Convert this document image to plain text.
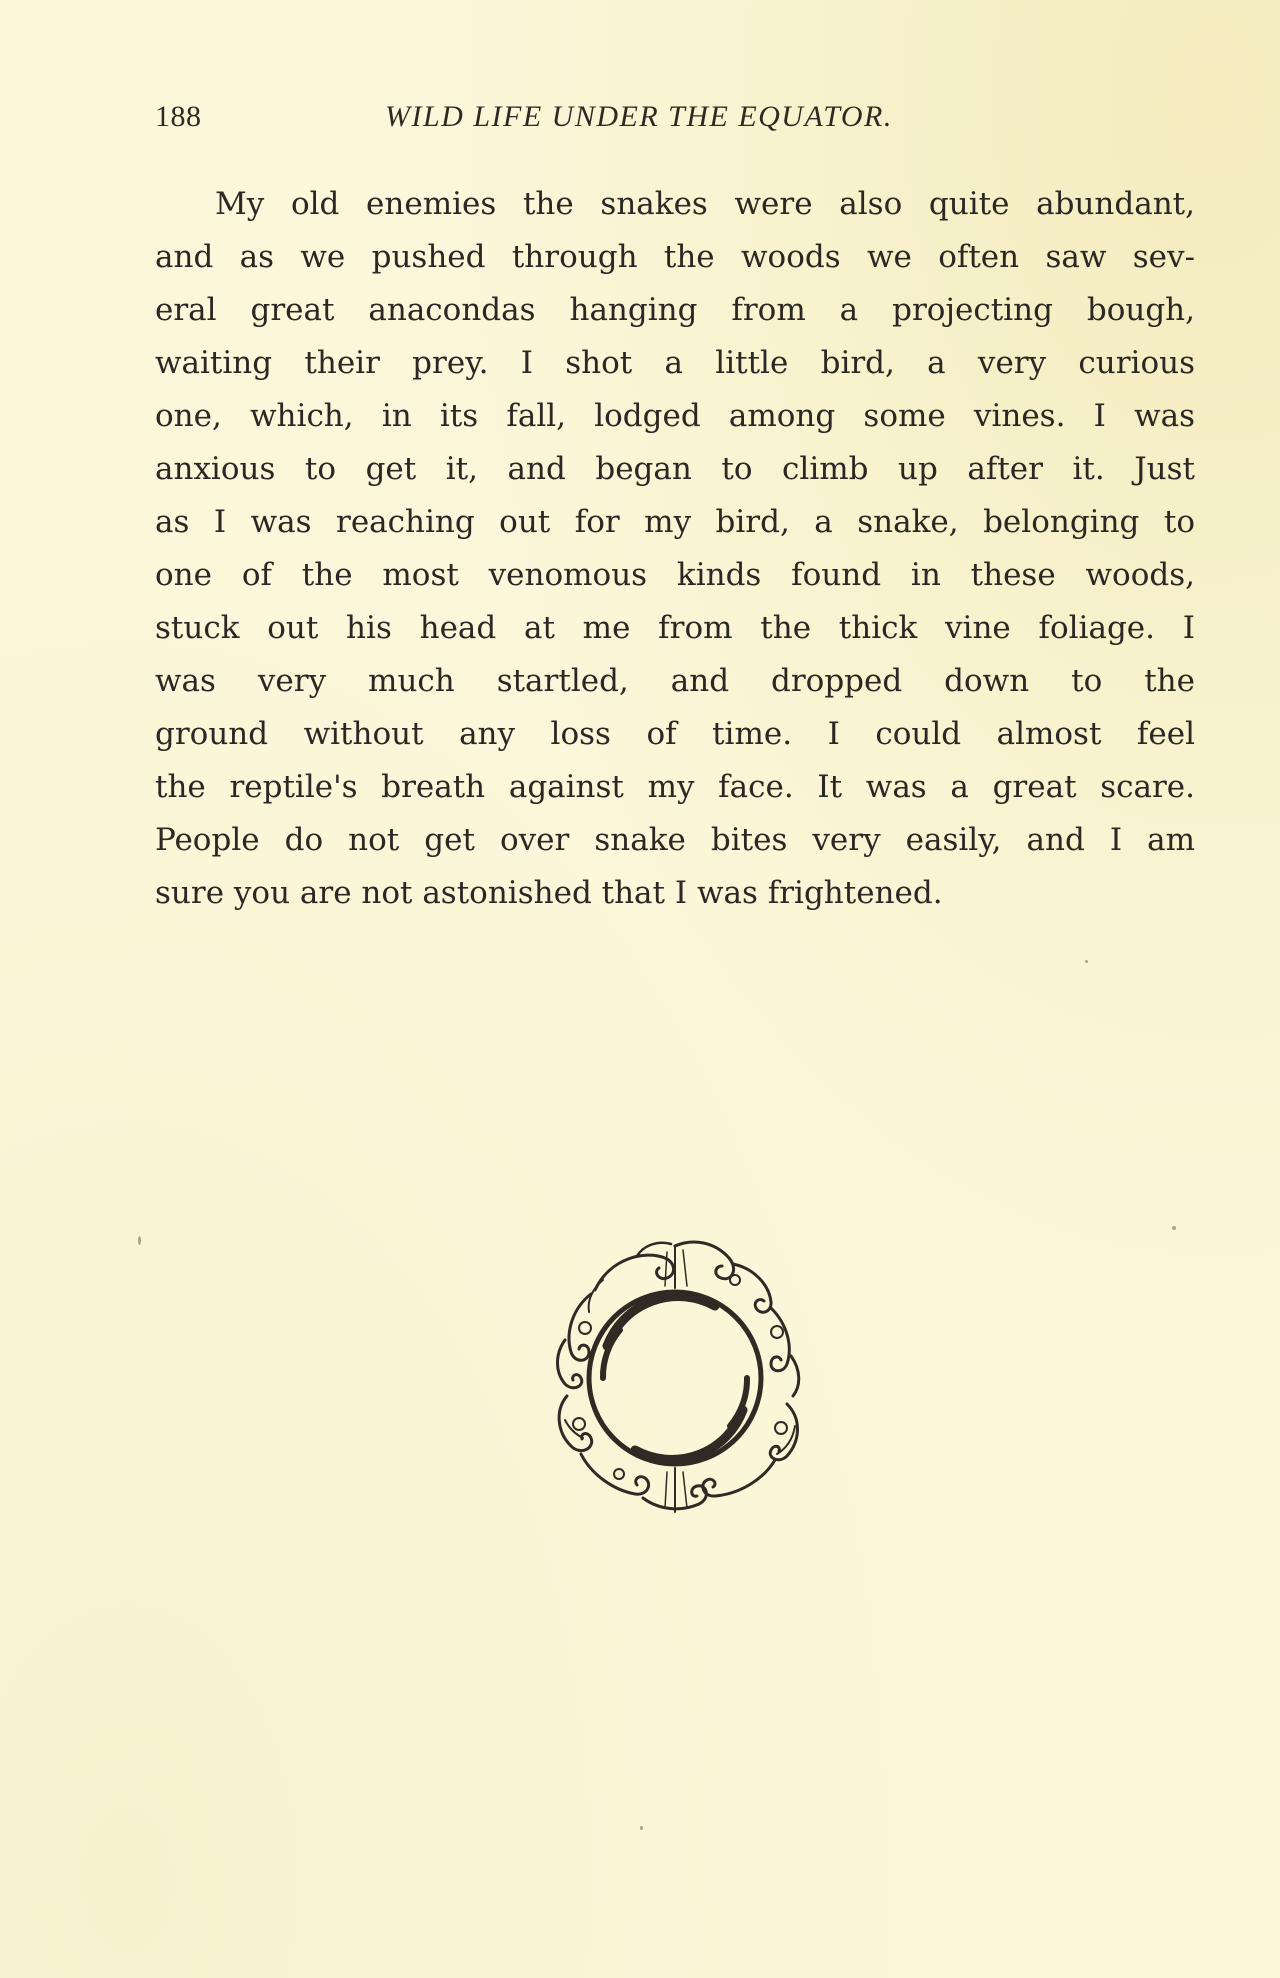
188	WILD LIFE UNDER THE EQUATOR.
My old enemies the snakes were also quite abundant,
and as we pushed through the woods we often saw sev-
eral great anacondas hanging from a projecting bough,
waiting their prey. I shot a little bird, a very curious
one, which, in its fall, lodged among some vines. I was
anxious to get it, and began to climb up after it. Just
as I was reaching out for my bird, a snake, belonging to
one of the most venomous kinds found in these woods,
stuck out his head at me from the thick vine foliage. I
was very much startled, and dropped down to the
ground without any loss of time. I could almost feel
the reptile's breath against my face. It was a great scare.
People do not get over snake bites very easily, and I am
sure you are not astonished that I was frightened.
